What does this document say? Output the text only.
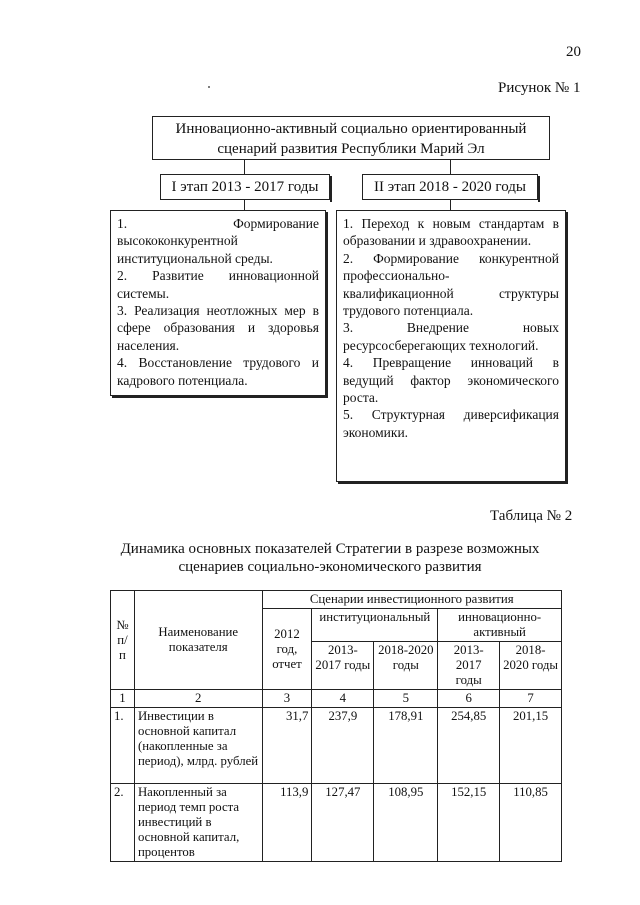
20
Рисунок № 1
Инновационно-активный социально ориентированный
сценарий развития Республики Марий Эл
I этап 2013 - 2017 годы	II этап 2018 - 2020 годы

1. Формирование высококонкурентной институциональной среды.

2. Развитие инновационной системы.

3. Реализация неотложных мер в сфере образования и здоровья населения.

4. Восстановление трудового и кадрового потенциала.

1. Переход к новым стандартам в образовании и здравоохранении.

2. Формирование конкурентной профессионально-квалификационной структуры трудового потенциала.

3. Внедрение новых ресурсосберегающих технологий.

4. Превращение инноваций в ведущий фактор экономического роста.

5. Структурная диверсификация экономики.

Таблица № 2
Динамика основных показателей Стратегии в разрезе возможных
сценариев социально-экономического развития
№ п/п	Наименование показателя	Сценарии инвестиционного развития				
		2012 год, отчет	институциональный		инновационно-активный	
			2013-2017 годы	2018-2020 годы	2013-2017 годы	2018-2020 годы
1	2	3	4	5	6	7
1.	Инвестиции в основной капитал (накопленные за период), млрд. рублей	31,7	237,9	178,91	254,85	201,15
2.	Накопленный за период темп роста инвестиций в основной капитал, процентов	113,9	127,47	108,95	152,15	110,85
